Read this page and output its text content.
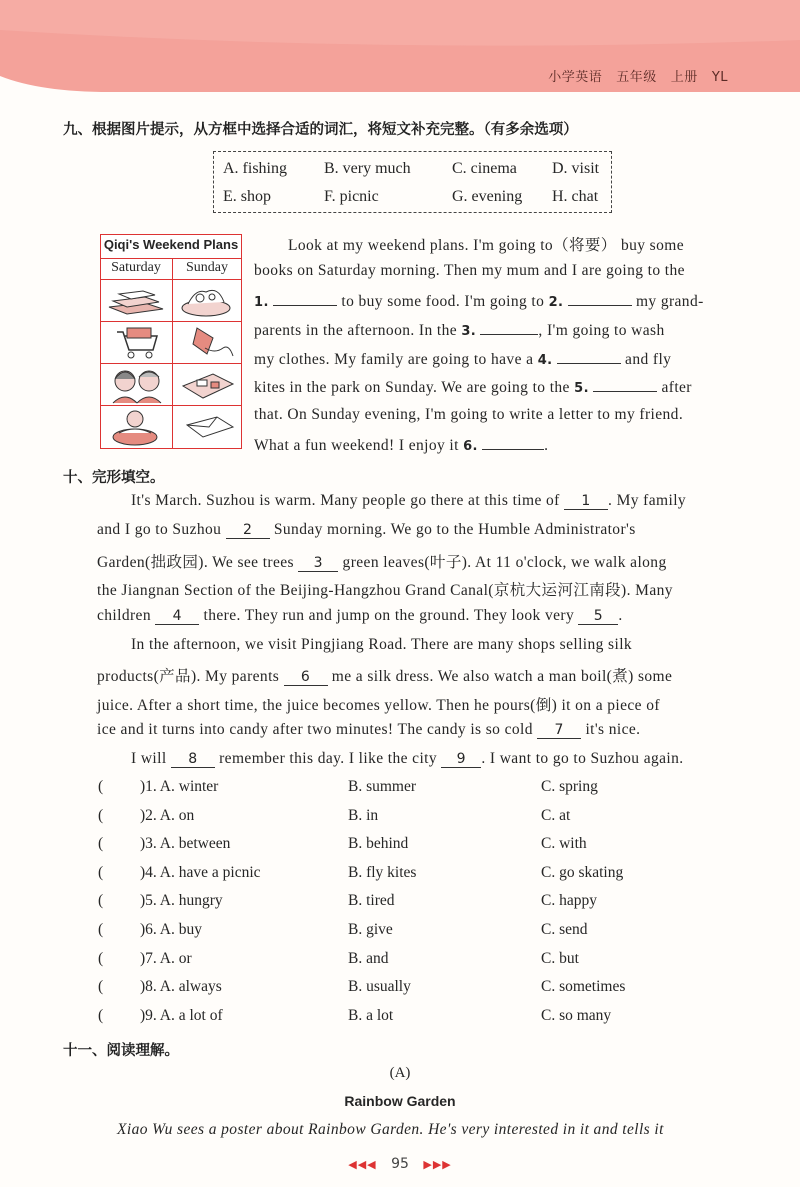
小学英语 五年级 上册 YL
九、根据图片提示，从方框中选择合适的词汇，将短文补充完整。（有多余选项）
A. fishing B. very much	C. cinema D. visit
E. shop	F. picnic	G. evening H. chat
Qiqi's Weekend Plans
Saturday	Sunday
Look at my weekend plans. I'm going to（将要） buy some
books on Saturday morning. Then my mum and I are going to the
1.	to buy some food. I'm going to 2.	my grand-
parents in the afternoon. In the 3.	, I'm going to wash
my clothes. My family are going to have a 4.	and fly
kites in the park on Sunday. We are going to the 5.	after
that. On Sunday evening, I'm going to write a letter to my friend.
What a fun weekend! I enjoy it 6.	.
十、完形填空。
It's March. Suzhou is warm. Many people go there at this time of 1 . My family
and I go to Suzhou 2 Sunday morning. We go to the Humble Administrator's
Garden(拙政园). We see trees 3 green leaves(叶子). At 11 o'clock, we walk along
the Jiangnan Section of the Beijing-Hangzhou Grand Canal(京杭大运河江南段). Many
children 4 there. They run and jump on the ground. They look very 5 .
In the afternoon, we visit Pingjiang Road. There are many shops selling silk
products(产品). My parents 6 me a silk dress. We also watch a man boil(煮) some
juice. After a short time, the juice becomes yellow. Then he pours(倒) it on a piece of
ice and it turns into candy after two minutes! The candy is so cold 7 it's nice.
I will 8 remember this day. I like the city 9 . I want to go to Suzhou again.
( )1. A. winter	B. summer	C. spring
( )2. A. on	B. in	C. at
( )3. A. between	B. behind	C. with
( )4. A. have a picnic	B. fly kites	C. go skating
( )5. A. hungry	B. tired	C. happy
( )6. A. buy	B. give	C. send
( )7. A. or	B. and	C. but
( )8. A. always	B. usually	C. sometimes
( )9. A. a lot of	B. a lot	C. so many
十一、阅读理解。
(A)
Rainbow Garden
Xiao Wu sees a poster about Rainbow Garden. He's very interested in it and tells it
◀◀◀ 95 ▶▶▶
